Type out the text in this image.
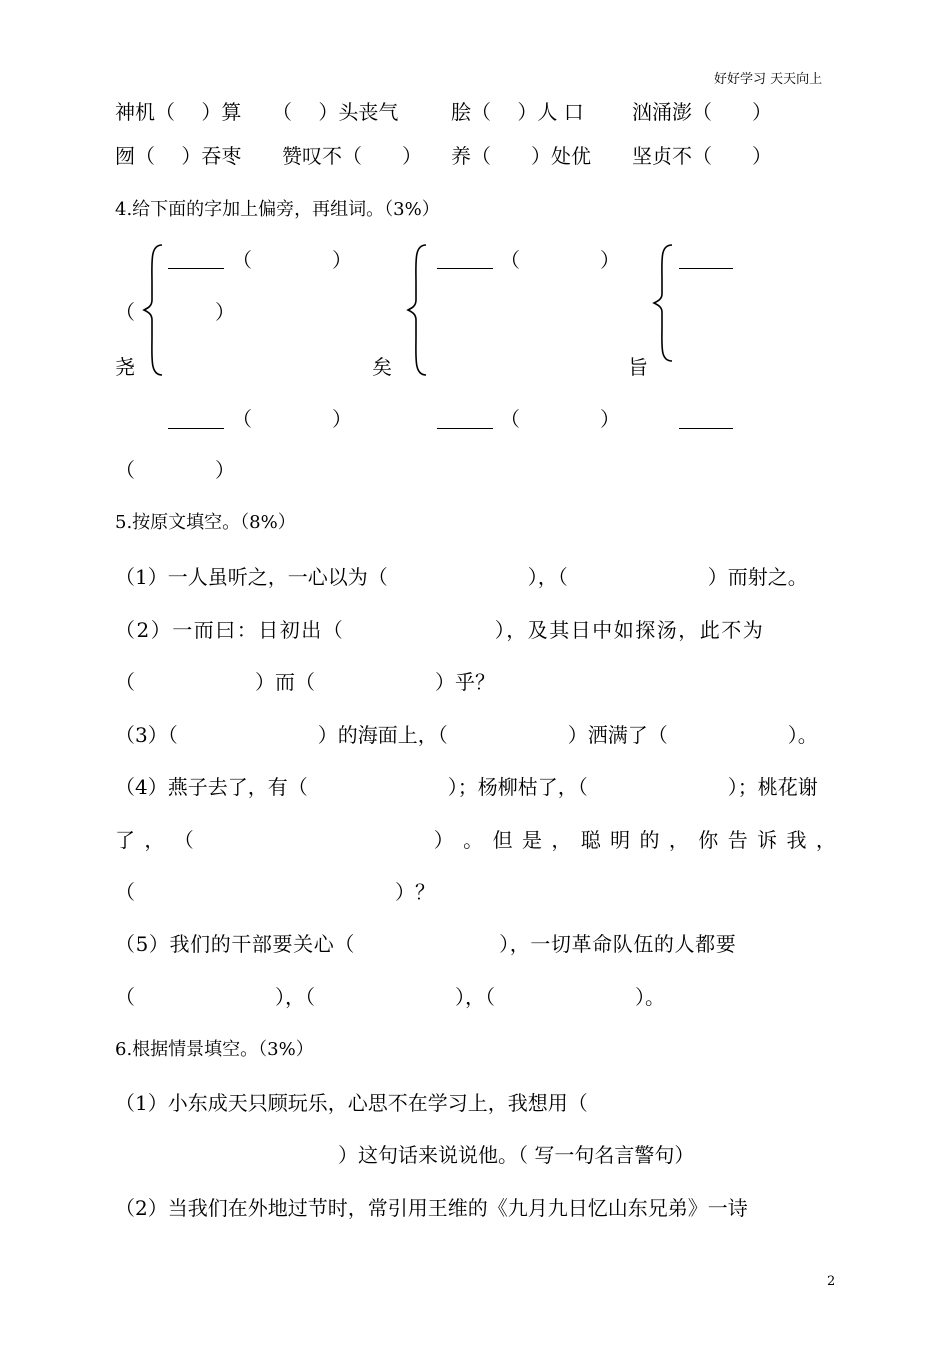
好好学习 天天向上
神机（　 ）算 （　 ）头丧气	脍（　 ）人 口 汹涌澎（　　）
囫（　 ）吞枣 赞叹不（　　） 养（　　）处优 坚贞不（　　）
4.给下面的字加上偏旁，再组词。（3%）
（　　　　）
（　　　　）
尧
（　　　　）
（　　　　）
（　　　　）
矣
（　　　　）
旨
5.按原文填空。（8%）
（1）一人虽听之，一心以为（　　　　　　　），（　　　　　　　）而射之。
（2）一而曰：日初出（　　　　　　　），及其日中如探汤，此不为
（　　　　　　）而（　　　　　　）乎？
（3）（　　　　　　　）的海面上，（　　　　　　）洒满了（　　　　　　）。
（4）燕子去了，有（　　　　　　　）；杨柳枯了，（　　　　　　　）；桃花谢
了 ， （　　　　　　　　　　　　） 。 但 是 ， 聪 明 的 ， 你 告 诉 我 ，
（　　　　　　　　　　　　　）？
（5）我们的干部要关心（　　　　　　　），一切革命队伍的人都要
（　　　　　　　），（　　　　　　　），（　　　　　　　）。
6.根据情景填空。（3%）
（1）小东成天只顾玩乐，心思不在学习上，我想用（
）这句话来说说他。（ 写一句名言警句）
（2）当我们在外地过节时，常引用王维的《九月九日忆山东兄弟》一诗
2
